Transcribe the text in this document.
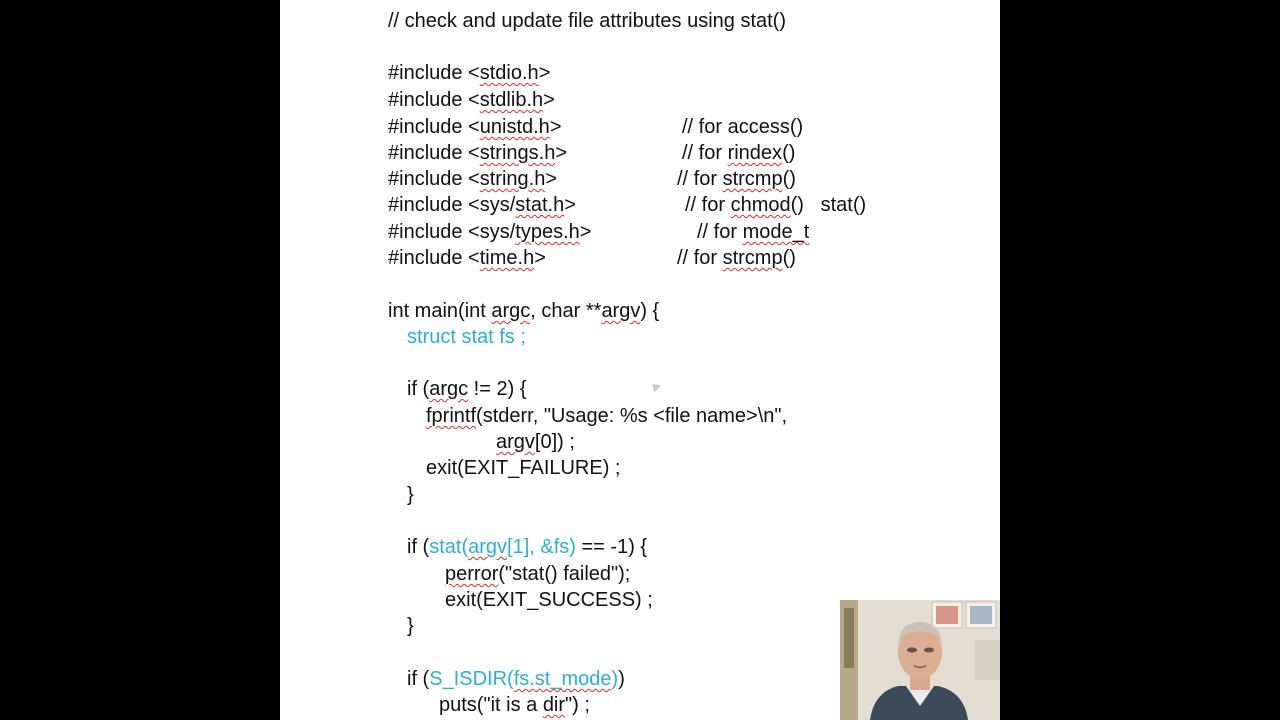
// check and update file attributes using stat()
#include <stdio.h>
#include <stdlib.h>
#include <unistd.h>	// for access()
#include <strings.h>	// for rindex()
#include <string.h>	// for strcmp()
#include <sys/stat.h>	// for chmod()   stat()
#include <sys/types.h>	// for mode_t
#include <time.h>	// for strcmp()
int main(int argc, char **argv) {
struct stat fs ;
if (argc != 2) {
fprintf(stderr, "Usage: %s <file name>\n",
argv[0]) ;
exit(EXIT_FAILURE) ;
}
if (stat(argv[1], &fs) == -1) {
perror("stat() failed");
exit(EXIT_SUCCESS) ;
}
if (S_ISDIR(fs.st_mode))
puts("it is a dir") ;
